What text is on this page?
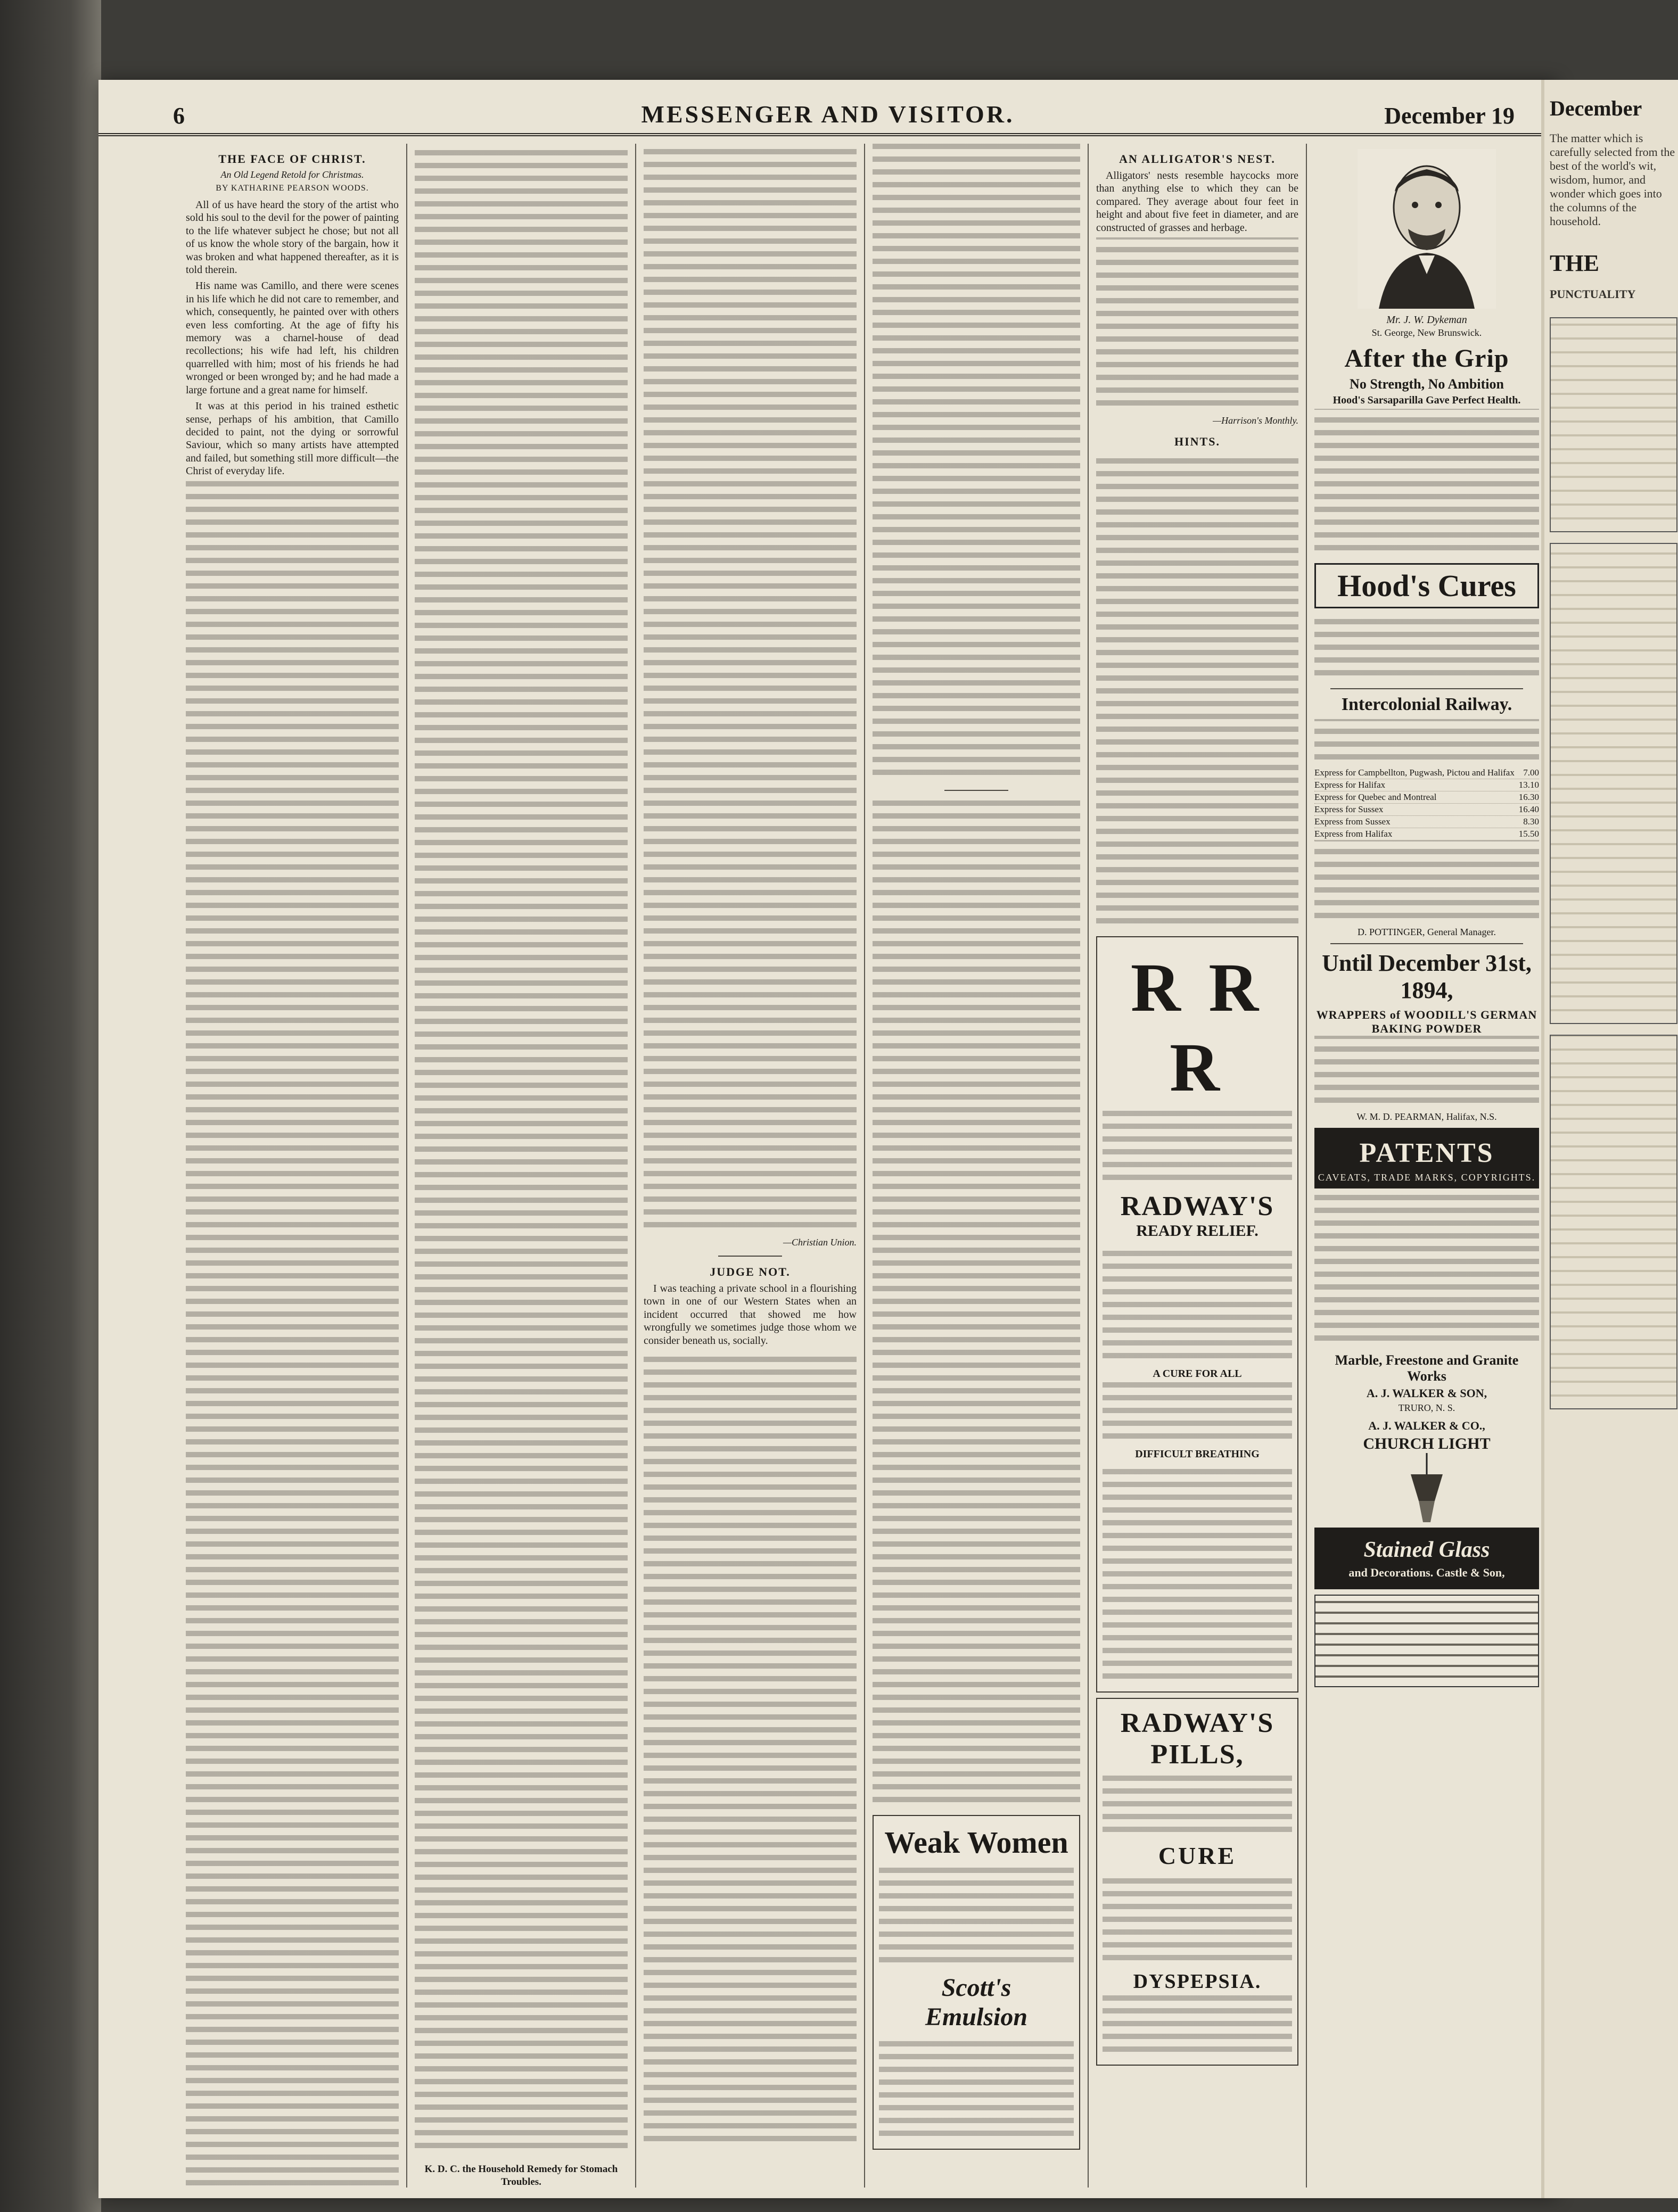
6	MESSENGER AND VISITOR.	December 19
THE FACE OF CHRIST.
An Old Legend Retold for Christmas.
BY KATHARINE PEARSON WOODS.

All of us have heard the story of the artist who sold his soul to the devil for the power of painting to the life whatever subject he chose; but not all of us know the whole story of the bargain, how it was broken and what happened thereafter, as it is told therein.

His name was Camillo, and there were scenes in his life which he did not care to remember, and which, consequently, he painted over with others even less comforting. At the age of fifty his memory was a charnel-house of dead recollections; his wife had left, his children quarrelled with him; most of his friends he had wronged or been wronged by; and he had made a large fortune and a great name for himself.

It was at this period in his trained esthetic sense, perhaps of his ambition, that Camillo decided to paint, not the dying or sorrowful Saviour, which so many artists have attempted and failed, but something still more difficult—the Christ of everyday life.

K. D. C. the Household Remedy for Stomach Troubles.
—Christian Union.
JUDGE NOT.

I was teaching a private school in a flourishing town in one of our Western States when an incident occurred that showed me how wrongfully we sometimes judge those whom we consider beneath us, socially.

Weak Women
Scott's
Emulsion
AN ALLIGATOR'S NEST.

Alligators' nests resemble haycocks more than anything else to which they can be compared. They average about four feet in height and about five feet in diameter, and are constructed of grasses and herbage.

—Harrison's Monthly.
HINTS.
R R R
RADWAY'S
READY RELIEF.
A CURE FOR ALL
DIFFICULT BREATHING
RADWAY'S PILLS,
CURE
DYSPEPSIA.
Mr. J. W. Dykeman
St. George, New Brunswick.
After the Grip
No Strength, No Ambition
Hood's Sarsaparilla Gave Perfect Health.
Hood's Cures
Intercolonial Railway.
Express for Campbellton, Pugwash, Pictou and Halifax 7.00
Express for Halifax	13.10
Express for Quebec and Montreal	16.30
Express for Sussex	16.40
Express from Sussex	8.30
Express from Halifax	15.50
D. POTTINGER, General Manager.
Until December 31st, 1894,
WRAPPERS of WOODILL'S GERMAN BAKING POWDER
W. M. D. PEARMAN, Halifax, N.S.
PATENTS
CAVEATS, TRADE MARKS, COPYRIGHTS.
Marble, Freestone and Granite Works
A. J. WALKER & SON,
TRURO, N. S.
A. J. WALKER & CO.,
CHURCH LIGHT
Stained Glass
and Decorations. Castle & Son,
December
The matter which is carefully selected from the best of the world's wit, wisdom, humor, and wonder which goes into the columns of the household.
THE
PUNCTUALITY
